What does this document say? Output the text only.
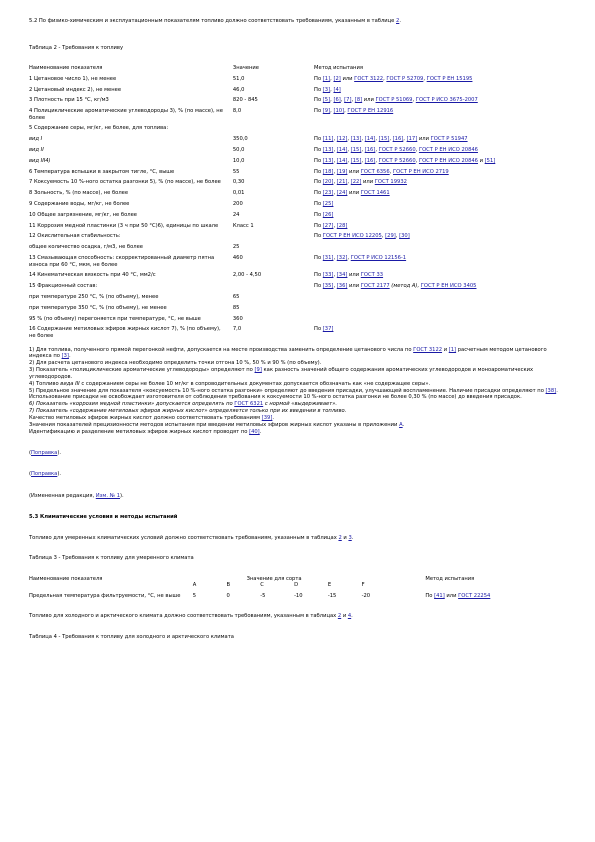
5.2 По физико-химическим и эксплуатационным показателям топливо должно соответствовать требованиям, указанным в таблице 2.

Таблица 2 - Требования к топливу

Наименование показателя	Значение	Метод испытания
1 Цетановое число 1), не менее	51,0	По [1], [2] или ГОСТ 3122, ГОСТ Р 52709, ГОСТ Р ЕН 15195
2 Цетановый индекс 2), не менее	46,0	По [3], [4]
3 Плотность при 15 °С, кг/м3	820 - 845	По [5], [6], [7], [8] или ГОСТ Р 51069, ГОСТ Р ИСО 3675-2007
4 Полициклические ароматические углеводороды 3), % (по массе), не более	8,0	По [9], [10], ГОСТ Р ЕН 12916
5 Содержание серы, мг/кг, не более, для топлива:		
вид I	350,0	По [11], [12], [13], [14], [15], [16], [17] или ГОСТ Р 51947
вид II	50,0	По [13], [14], [15], [16], ГОСТ Р 52660, ГОСТ Р ЕН ИСО 20846
вид III4)	10,0	По [13], [14], [15], [16], ГОСТ Р 52660, ГОСТ Р ЕН ИСО 20846 и [51]
6 Температура вспышки в закрытом тигле, °С, выше	55	По [18], [19] или ГОСТ 6356, ГОСТ Р ЕН ИСО 2719
7 Коксуемость 10 %-ного остатка разгонки 5), % (по массе), не более	0,30	По [20], [21], [22] или ГОСТ 19932
8 Зольность, % (по массе), не более	0,01	По [23], [24] или ГОСТ 1461
9 Содержание воды, мг/кг, не более	200	По [25]
10 Общее загрязнение, мг/кг, не более	24	По [26]
11 Коррозия медной пластинки (3 ч при 50 °С)6), единицы по шкале	Класс 1	По [27], [28]
12 Окислительная стабильность:		По ГОСТ Р ЕН ИСО 12205, [29], [30]
общее количество осадка, г/м3, не более	25	
13 Смазывающая способность: скорректированный диаметр пятна износа при 60 °С, мкм, не более	460	По [31], [32], ГОСТ Р ИСО 12156-1
14 Кинематическая вязкость при 40 °С, мм2/с	2,00 - 4,50	По [33], [34] или ГОСТ 33
15 Фракционный состав:		По [35], [36] или ГОСТ 2177 (метод А), ГОСТ Р ЕН ИСО 3405
при температуре 250 °С, % (по объему), менее	65	
при температуре 350 °С, % (по объему), не менее	85	
95 % (по объему) перегоняется при температуре, °С, не выше	360	
16 Содержание метиловых эфиров жирных кислот 7), % (по объему), не более	7,0	По [37]

1) Для топлива, полученного прямой перегонкой нефти, допускается на месте производства заменить определение цетанового числа по ГОСТ 3122 и [1] расчетным методом цетанового индекса по [3].

2) Для расчета цетанового индекса необходимо определить точки отгона 10 %, 50 % и 90 % (по объему).

3) Показатель «полициклические ароматические углеводороды» определяют по [9] как разность значений общего содержания ароматических углеводородов и моноароматических углеводородов.

4) Топливо вида III с содержанием серы не более 10 мг/кг в сопроводительных документах допускается обозначать как «не содержащее серы».

5) Предельное значение для показателя «коксуемость 10 %-ного остатка разгонки» определяют до введения присадки, улучшающей воспламенение. Наличие присадки определяют по [38]. Использование присадки не освобождает изготовителя от соблюдения требования к коксуемости 10 %-ного остатка разгонки не более 0,30 % (по массе) до введения присадок.

6) Показатель «коррозия медной пластинки» допускается определять по ГОСТ 6321 с нормой «выдерживает».

7) Показатель «содержание метиловых эфиров жирных кислот» определяется только при их введении в топливо.

Качество метиловых эфиров жирных кислот должно соответствовать требованиям [39].

Значения показателей прецизионности методов испытания при введении метиловых эфиров жирных кислот указаны в приложении А.

Идентификацию и разделение метиловых эфиров жирных кислот проводят по [40].

(Поправка).

(Поправка).

(Измененная редакция, Изм. № 1).

5.3 Климатические условия и методы испытаний

Топливо для умеренных климатических условий должно соответствовать требованиям, указанным в таблицах 2 и 3.

Таблица 3 - Требования к топливу для умеренного климата

Наименование показателя	Значение для сорта						Метод испытания
	A	B	C	D	E	F	
Предельная температура фильтруемости, °С, не выше	5	0	-5	-10	-15	-20	По [41] или ГОСТ 22254

Топливо для холодного и арктического климата должно соответствовать требованиям, указанным в таблицах 2 и 4.

Таблица 4 - Требования к топливу для холодного и арктического климата
